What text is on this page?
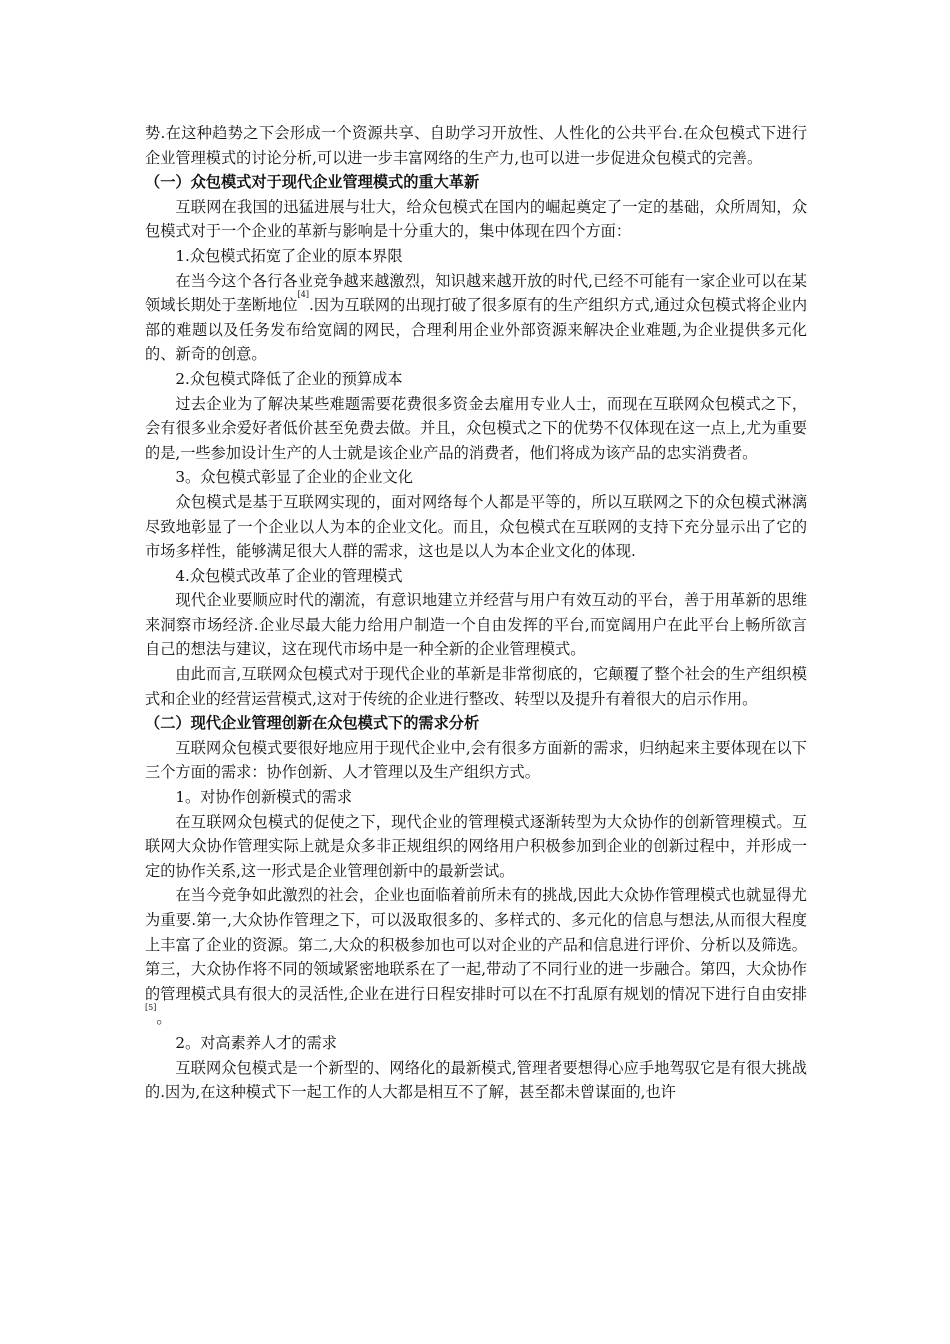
势.在这种趋势之下会形成一个资源共享、自助学习开放性、人性化的公共平台.在众包模式下进行企业管理模式的讨论分析,可以进一步丰富网络的生产力,也可以进一步促进众包模式的完善。

（一）众包模式对于现代企业管理模式的重大革新

互联网在我国的迅猛进展与壮大，给众包模式在国内的崛起奠定了一定的基础，众所周知，众包模式对于一个企业的革新与影响是十分重大的，集中体现在四个方面：

1.众包模式拓宽了企业的原本界限

在当今这个各行各业竞争越来越激烈，知识越来越开放的时代,已经不可能有一家企业可以在某领域长期处于垄断地位[4].因为互联网的出现打破了很多原有的生产组织方式,通过众包模式将企业内部的难题以及任务发布给宽阔的网民，合理利用企业外部资源来解决企业难题,为企业提供多元化的、新奇的创意。

2.众包模式降低了企业的预算成本

过去企业为了解决某些难题需要花费很多资金去雇用专业人士，而现在互联网众包模式之下，会有很多业余爱好者低价甚至免费去做。并且，众包模式之下的优势不仅体现在这一点上,尤为重要的是,一些参加设计生产的人士就是该企业产品的消费者，他们将成为该产品的忠实消费者。

3。众包模式彰显了企业的企业文化

众包模式是基于互联网实现的，面对网络每个人都是平等的，所以互联网之下的众包模式淋漓尽致地彰显了一个企业以人为本的企业文化。而且，众包模式在互联网的支持下充分显示出了它的市场多样性，能够满足很大人群的需求，这也是以人为本企业文化的体现.

4.众包模式改革了企业的管理模式

现代企业要顺应时代的潮流，有意识地建立并经营与用户有效互动的平台，善于用革新的思维来洞察市场经济.企业尽最大能力给用户制造一个自由发挥的平台,而宽阔用户在此平台上畅所欲言自己的想法与建议，这在现代市场中是一种全新的企业管理模式。

由此而言,互联网众包模式对于现代企业的革新是非常彻底的，它颠覆了整个社会的生产组织模式和企业的经营运营模式,这对于传统的企业进行整改、转型以及提升有着很大的启示作用。

（二）现代企业管理创新在众包模式下的需求分析

互联网众包模式要很好地应用于现代企业中,会有很多方面新的需求，归纳起来主要体现在以下三个方面的需求：协作创新、人才管理以及生产组织方式。

1。对协作创新模式的需求

在互联网众包模式的促使之下，现代企业的管理模式逐渐转型为大众协作的创新管理模式。互联网大众协作管理实际上就是众多非正规组织的网络用户积极参加到企业的创新过程中，并形成一定的协作关系,这一形式是企业管理创新中的最新尝试。

在当今竞争如此激烈的社会，企业也面临着前所未有的挑战,因此大众协作管理模式也就显得尤为重要.第一,大众协作管理之下，可以汲取很多的、多样式的、多元化的信息与想法,从而很大程度上丰富了企业的资源。第二,大众的积极参加也可以对企业的产品和信息进行评价、分析以及筛选。第三，大众协作将不同的领域紧密地联系在了一起,带动了不同行业的进一步融合。第四，大众协作的管理模式具有很大的灵活性,企业在进行日程安排时可以在不打乱原有规划的情况下进行自由安排[5]。

2。对高素养人才的需求

互联网众包模式是一个新型的、网络化的最新模式,管理者要想得心应手地驾驭它是有很大挑战的.因为,在这种模式下一起工作的人大都是相互不了解，甚至都未曾谋面的,也许
